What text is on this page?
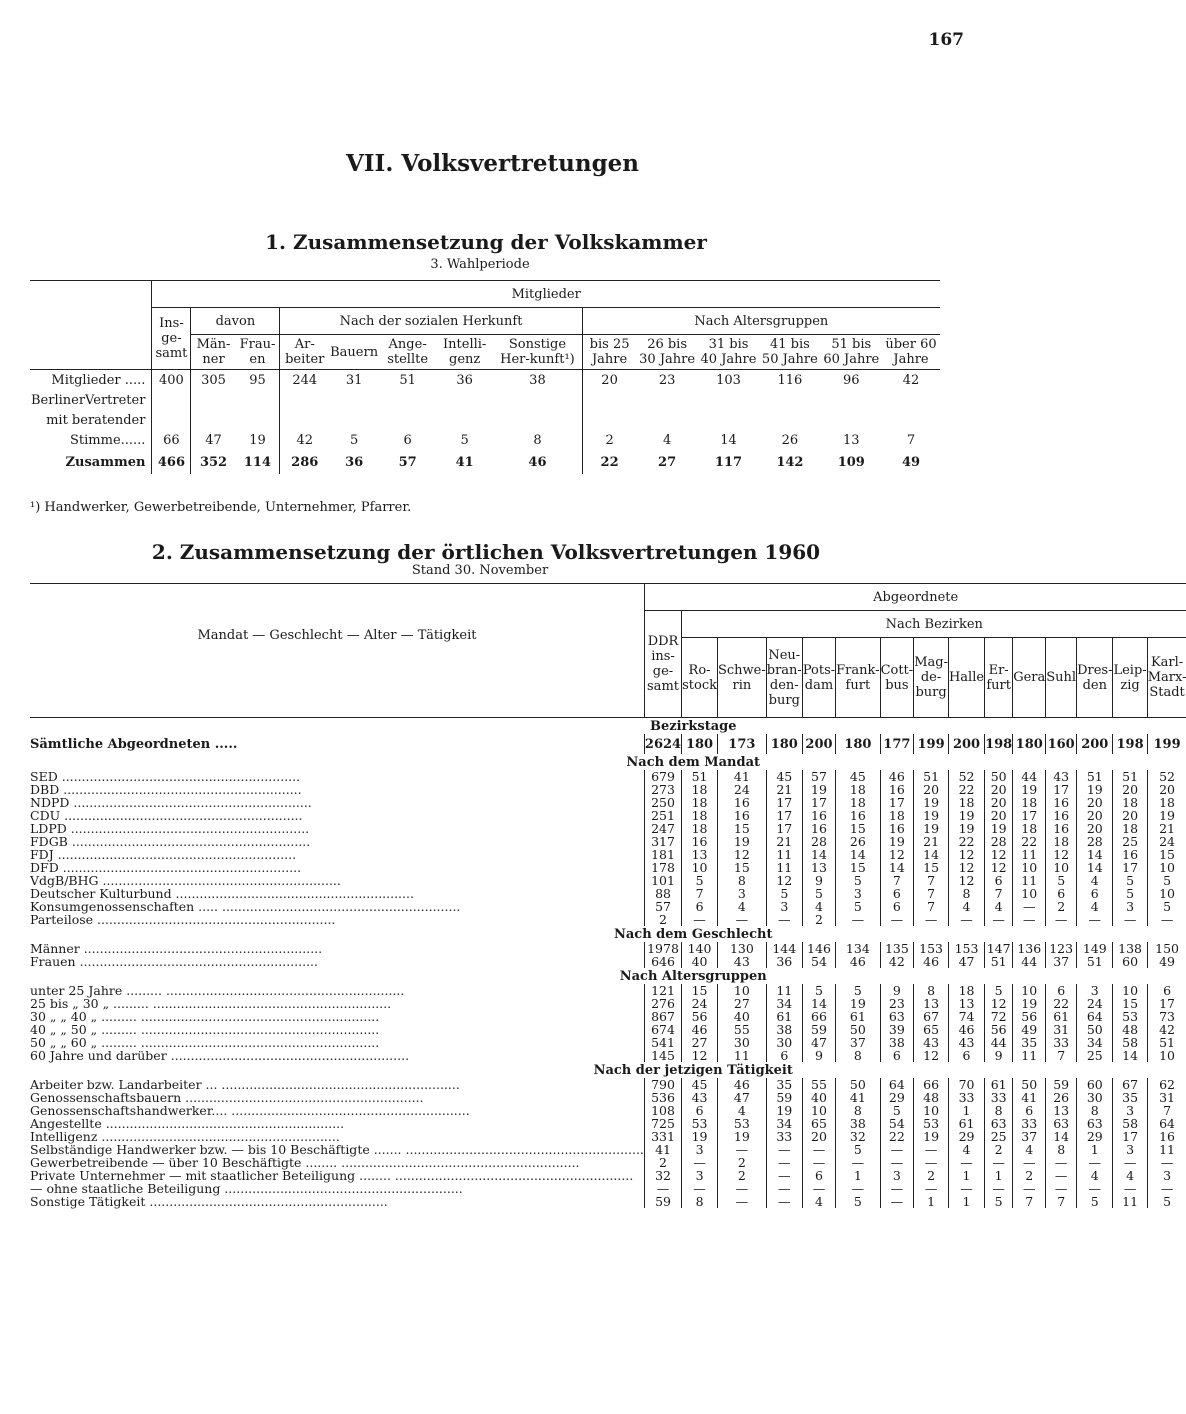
167
VII. Volksvertretungen
1. Zusammensetzung der Volkskammer
3. Wahlperiode
	Mitglieder													
	Ins-ge-samt	davon		Nach der sozialen Herkunft					Nach Altersgruppen					
		Män-ner	Frau-en	Ar-beiter	Bauern	Ange-stellte	Intelli-genz	Sonstige Her-kunft¹)	bis 25 Jahre	26 bis 30 Jahre	31 bis 40 Jahre	41 bis 50 Jahre	51 bis 60 Jahre	über 60 Jahre
Mitglieder .....	400	305	95	244	31	51	36	38	20	23	103	116	96	42
BerlinerVertreter														
mit beratender														
Stimme......	66	47	19	42	5	6	5	8	2	4	14	26	13	7
Zusammen	466	352	114	286	36	57	41	46	22	27	117	142	109	49
¹) Handwerker, Gewerbetreibende, Unternehmer, Pfarrer.
2. Zusammensetzung der örtlichen Volksvertretungen 1960
Stand 30. November
Mandat — Geschlecht — Alter — Tätigkeit	Abgeordnete														
	DDR ins-ge-samt	Nach Bezirken													
		Ro-stock	Schwe-rin	Neu-bran-den-burg	Pots-dam	Frank-furt	Cott-bus	Mag-de-burg	Halle	Er-furt	Gera	Suhl	Dres-den	Leip-zig	Karl-Marx-Stadt
Bezirkstage															
Sämtliche Abgeordneten .....	2624	180	173	180	200	180	177	199	200	198	180	160	200	198	199
Nach dem Mandat															
SED .....	679	51	41	45	57	45	46	51	52	50	44	43	51	51	52
DBD .....	273	18	24	21	19	18	16	20	22	20	19	17	19	20	20
NDPD .....	250	18	16	17	17	18	17	19	18	20	18	16	20	18	18
CDU .....	251	18	16	17	16	16	18	19	19	20	17	16	20	20	19
LDPD .....	247	18	15	17	16	15	16	19	19	19	18	16	20	18	21
FDGB .....	317	16	19	21	28	26	19	21	22	28	22	18	28	25	24
FDJ .....	181	13	12	11	14	14	12	14	12	12	11	12	14	16	15
DFD .....	178	10	15	11	13	15	14	15	12	12	10	10	14	17	10
VdgB/BHG .....	101	5	8	12	9	5	7	7	12	6	11	5	4	5	5
Deutscher Kulturbund .....	88	7	3	5	5	3	6	7	8	7	10	6	6	5	10
Konsumgenossenschaften ..... .....	57	6	4	3	4	5	6	7	4	4	—	2	4	3	5
Parteilose .....	2	—	—	—	2	—	—	—	—	—	—	—	—	—	—
Nach dem Geschlecht															
Männer .....	1978	140	130	144	146	134	135	153	153	147	136	123	149	138	150
Frauen .....	646	40	43	36	54	46	42	46	47	51	44	37	51	60	49
Nach Altersgruppen															
unter 25 Jahre ......... .....	121	15	10	11	5	5	9	8	18	5	10	6	3	10	6
25 bis „ 30 „ ......... .....	276	24	27	34	14	19	23	13	13	12	19	22	24	15	17
30 „ „ 40 „ ......... .....	867	56	40	61	66	61	63	67	74	72	56	61	64	53	73
40 „ „ 50 „ ......... .....	674	46	55	38	59	50	39	65	46	56	49	31	50	48	42
50 „ „ 60 „ ......... .....	541	27	30	30	47	37	38	43	43	44	35	33	34	58	51
60 Jahre und darüber .....	145	12	11	6	9	8	6	12	6	9	11	7	25	14	10
Nach der jetzigen Tätigkeit															
Arbeiter bzw. Landarbeiter ... .....	790	45	46	35	55	50	64	66	70	61	50	59	60	67	62
Genossenschaftsbauern .....	536	43	47	59	40	41	29	48	33	33	41	26	30	35	31
Genossenschaftshandwerker.... .....	108	6	4	19	10	8	5	10	1	8	6	13	8	3	7
Angestellte .....	725	53	53	34	65	38	54	53	61	63	33	63	63	58	64
Intelligenz .....	331	19	19	33	20	32	22	19	29	25	37	14	29	17	16
Selbständige Handwerker bzw. — bis 10 Beschäftigte ....... .....	41	3	—	—	—	5	—	—	4	2	4	8	1	3	11
Gewerbetreibende — über 10 Beschäftigte ........ .....	2	—	2	—	—	—	—	—	—	—	—	—	—	—	—
Private Unternehmer — mit staatlicher Beteiligung ........ .....	32	3	2	—	6	1	3	2	1	1	2	—	4	4	3
— ohne staatliche Beteiligung .....	—	—	—	—	—	—	—	—	—	—	—	—	—	—	—
Sonstige Tätigkeit .....	59	8	—	—	4	5	—	1	1	5	7	7	5	11	5
